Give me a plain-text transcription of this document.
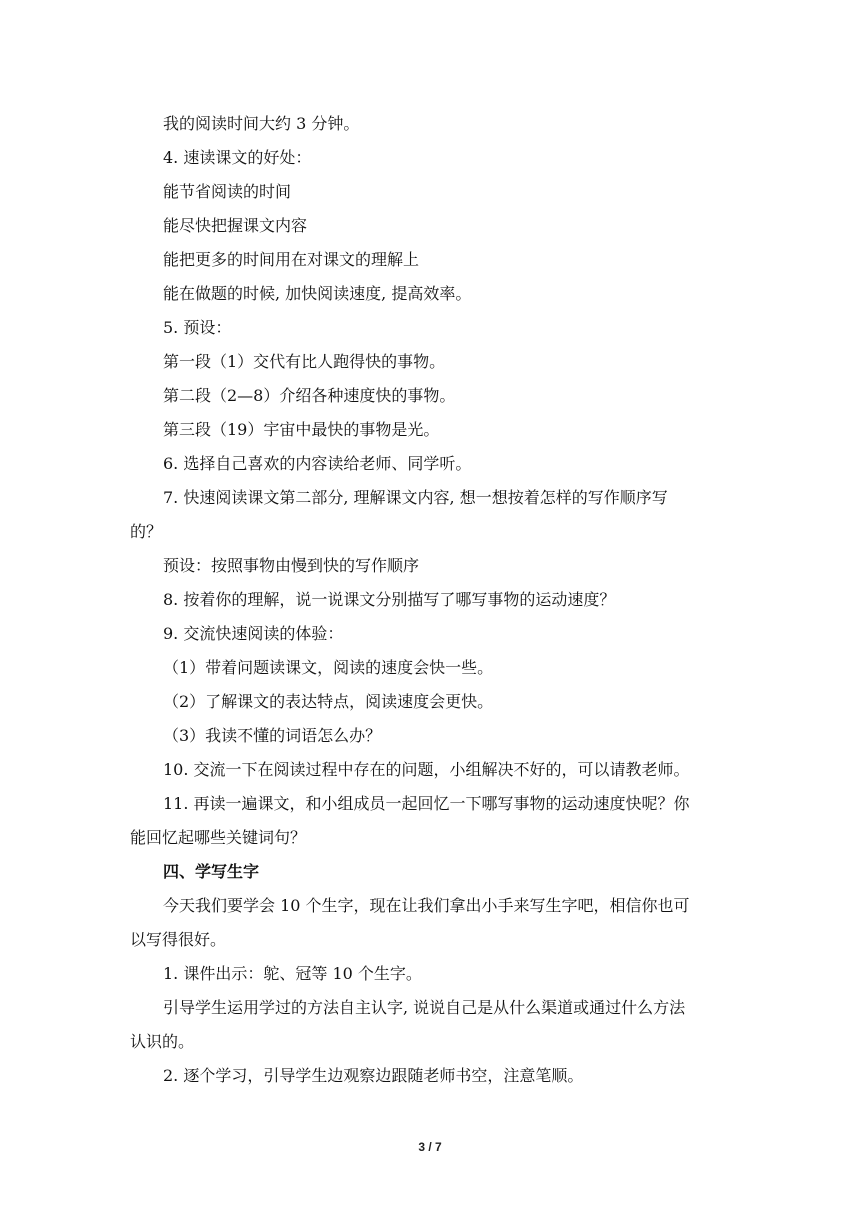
我的阅读时间大约 3 分钟。
4. 速读课文的好处：
能节省阅读的时间
能尽快把握课文内容
能把更多的时间用在对课文的理解上
能在做题的时候, 加快阅读速度, 提高效率。
5. 预设：
第一段（1）交代有比人跑得快的事物。
第二段（2—8）介绍各种速度快的事物。
第三段（19）宇宙中最快的事物是光。
6. 选择自己喜欢的内容读给老师、同学听。
7. 快速阅读课文第二部分, 理解课文内容, 想一想按着怎样的写作顺序写
的？
预设：按照事物由慢到快的写作顺序
8. 按着你的理解，说一说课文分别描写了哪写事物的运动速度？
9. 交流快速阅读的体验：
（1）带着问题读课文，阅读的速度会快一些。
（2）了解课文的表达特点，阅读速度会更快。
（3）我读不懂的词语怎么办？
10. 交流一下在阅读过程中存在的问题，小组解决不好的，可以请教老师。
11. 再读一遍课文，和小组成员一起回忆一下哪写事物的运动速度快呢？你
能回忆起哪些关键词句？
四、学写生字
今天我们要学会 10 个生字，现在让我们拿出小手来写生字吧，相信你也可
以写得很好。
1. 课件出示：鸵、冠等 10 个生字。
引导学生运用学过的方法自主认字, 说说自己是从什么渠道或通过什么方法
认识的。
2. 逐个学习，引导学生边观察边跟随老师书空，注意笔顺。
3 / 7
